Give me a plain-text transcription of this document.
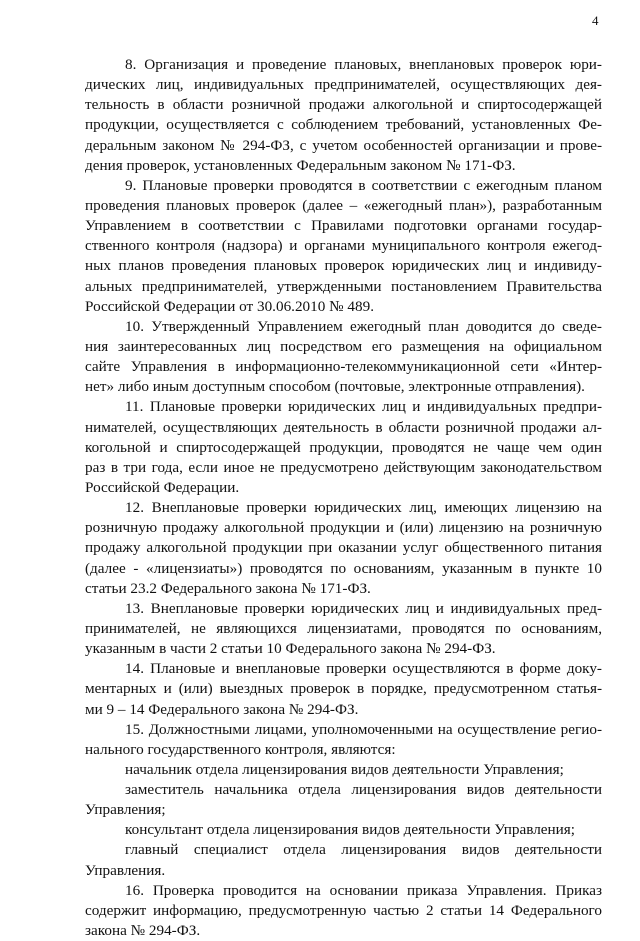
4
8. Организация и проведение плановых, внеплановых проверок юри-
дических лиц, индивидуальных предпринимателей, осуществляющих дея-
тельность в области розничной продажи алкогольной и спиртосодержащей
продукции, осуществляется с соблюдением требований, установленных Фе-
деральным законом № 294-ФЗ, с учетом особенностей организации и прове-
дения проверок, установленных Федеральным законом № 171-ФЗ.
9. Плановые проверки проводятся в соответствии с ежегодным планом
проведения плановых проверок (далее – «ежегодный план»), разработанным
Управлением в соответствии с Правилами подготовки органами государ-
ственного контроля (надзора) и органами муниципального контроля ежегод-
ных планов проведения плановых проверок юридических лиц и индивиду-
альных предпринимателей, утвержденными постановлением Правительства
Российской Федерации от 30.06.2010 № 489.
10. Утвержденный Управлением ежегодный план доводится до сведе-
ния заинтересованных лиц посредством его размещения на официальном
сайте Управления в информационно-телекоммуникационной сети «Интер-
нет» либо иным доступным способом (почтовые, электронные отправления).
11. Плановые проверки юридических лиц и индивидуальных предпри-
нимателей, осуществляющих деятельность в области розничной продажи ал-
когольной и спиртосодержащей продукции, проводятся не чаще чем один
раз в три года, если иное не предусмотрено действующим законодательством
Российской Федерации.
12. Внеплановые проверки юридических лиц, имеющих лицензию на
розничную продажу алкогольной продукции и (или) лицензию на розничную
продажу алкогольной продукции при оказании услуг общественного питания
(далее - «лицензиаты») проводятся по основаниям, указанным в пункте 10
статьи 23.2 Федерального закона № 171-ФЗ.
13. Внеплановые проверки юридических лиц и индивидуальных пред-
принимателей, не являющихся лицензиатами, проводятся по основаниям,
указанным в части 2 статьи 10 Федерального закона № 294-ФЗ.
14. Плановые и внеплановые проверки осуществляются в форме доку-
ментарных и (или) выездных проверок в порядке, предусмотренном статья-
ми 9 – 14 Федерального закона № 294-ФЗ.
15. Должностными лицами, уполномоченными на осуществление регио-
нального государственного контроля, являются:
начальник отдела лицензирования видов деятельности Управления;
заместитель начальника отдела лицензирования видов деятельности
Управления;
консультант отдела лицензирования видов деятельности Управления;
главный специалист отдела лицензирования видов деятельности
Управления.
16. Проверка проводится на основании приказа Управления. Приказ
содержит информацию, предусмотренную частью 2 статьи 14 Федерального
закона № 294-ФЗ.
